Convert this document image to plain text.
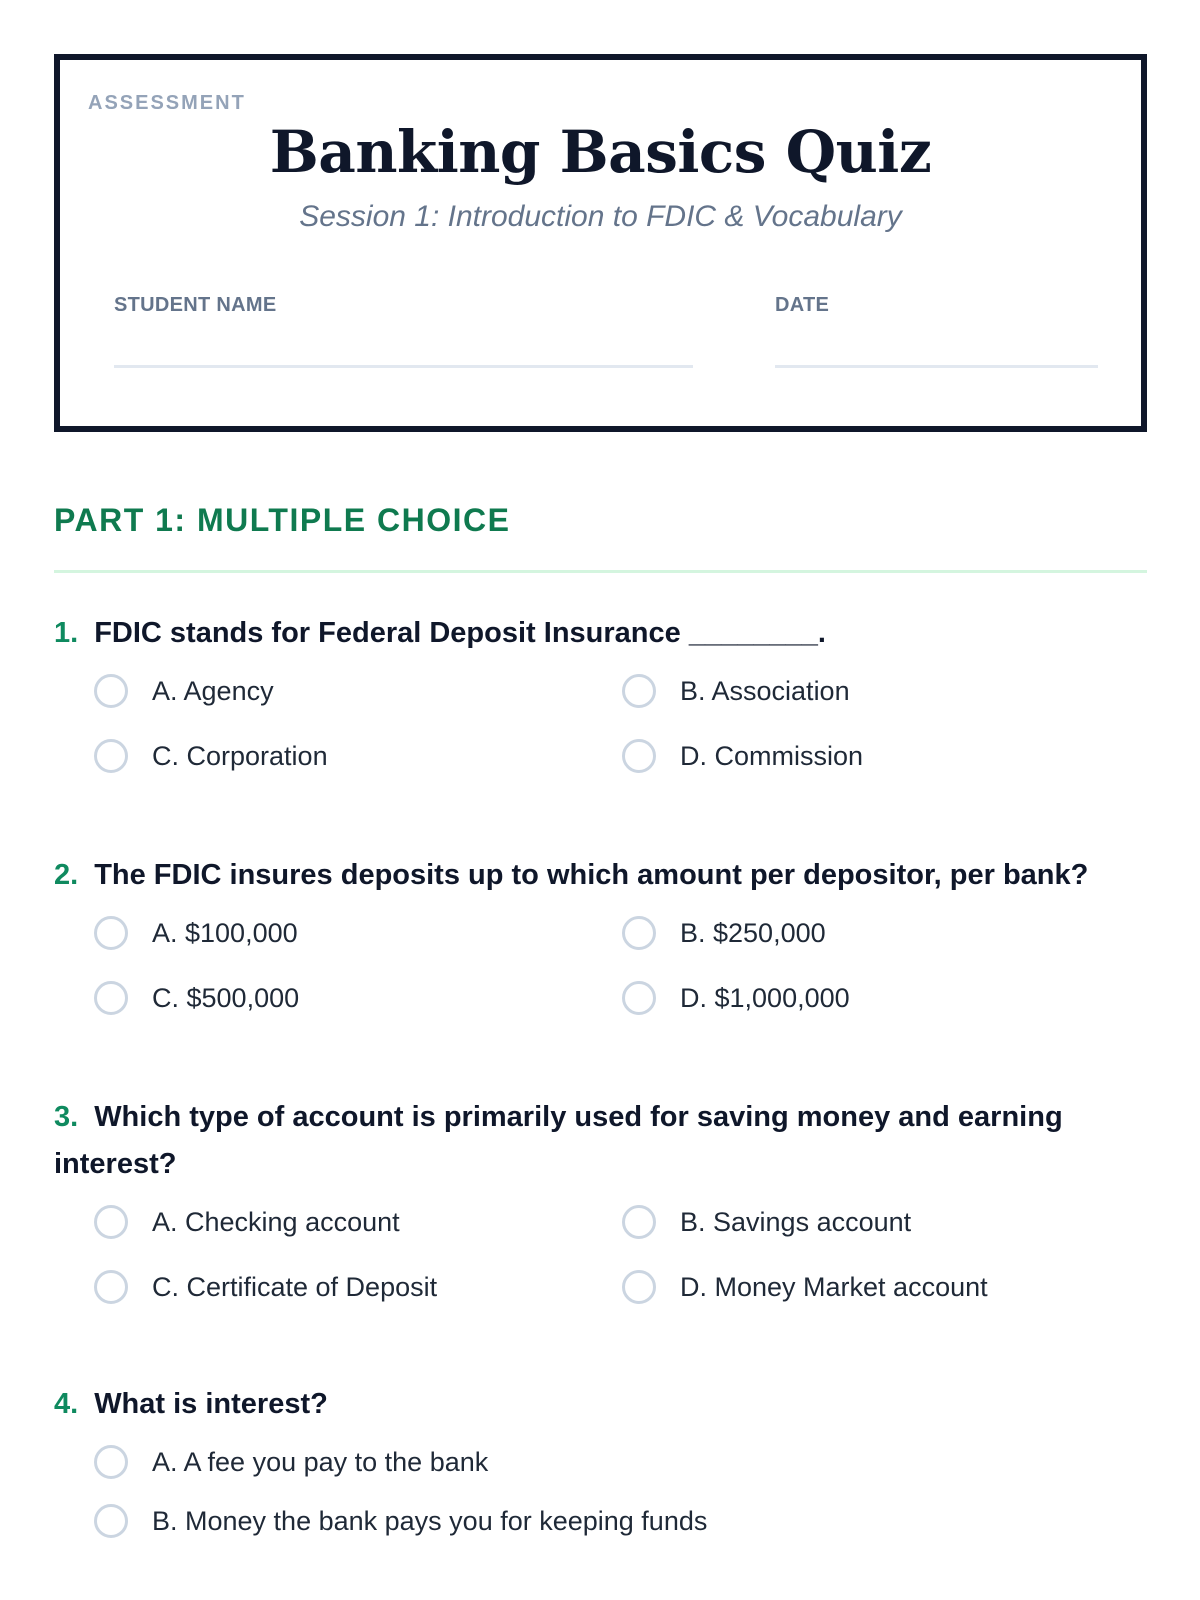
ASSESSMENT
Banking Basics Quiz
Session 1: Introduction to FDIC & Vocabulary
STUDENT NAME	DATE
PART 1: MULTIPLE CHOICE
1. FDIC stands for Federal Deposit Insurance ________.
A. Agency	B. Association
C. Corporation	D. Commission
2. The FDIC insures deposits up to which amount per depositor, per bank?
A. $100,000	B. $250,000
C. $500,000	D. $1,000,000
3. Which type of account is primarily used for saving money and earning interest?
A. Checking account	B. Savings account
C. Certificate of Deposit	D. Money Market account
4. What is interest?
A. A fee you pay to the bank
B. Money the bank pays you for keeping funds
